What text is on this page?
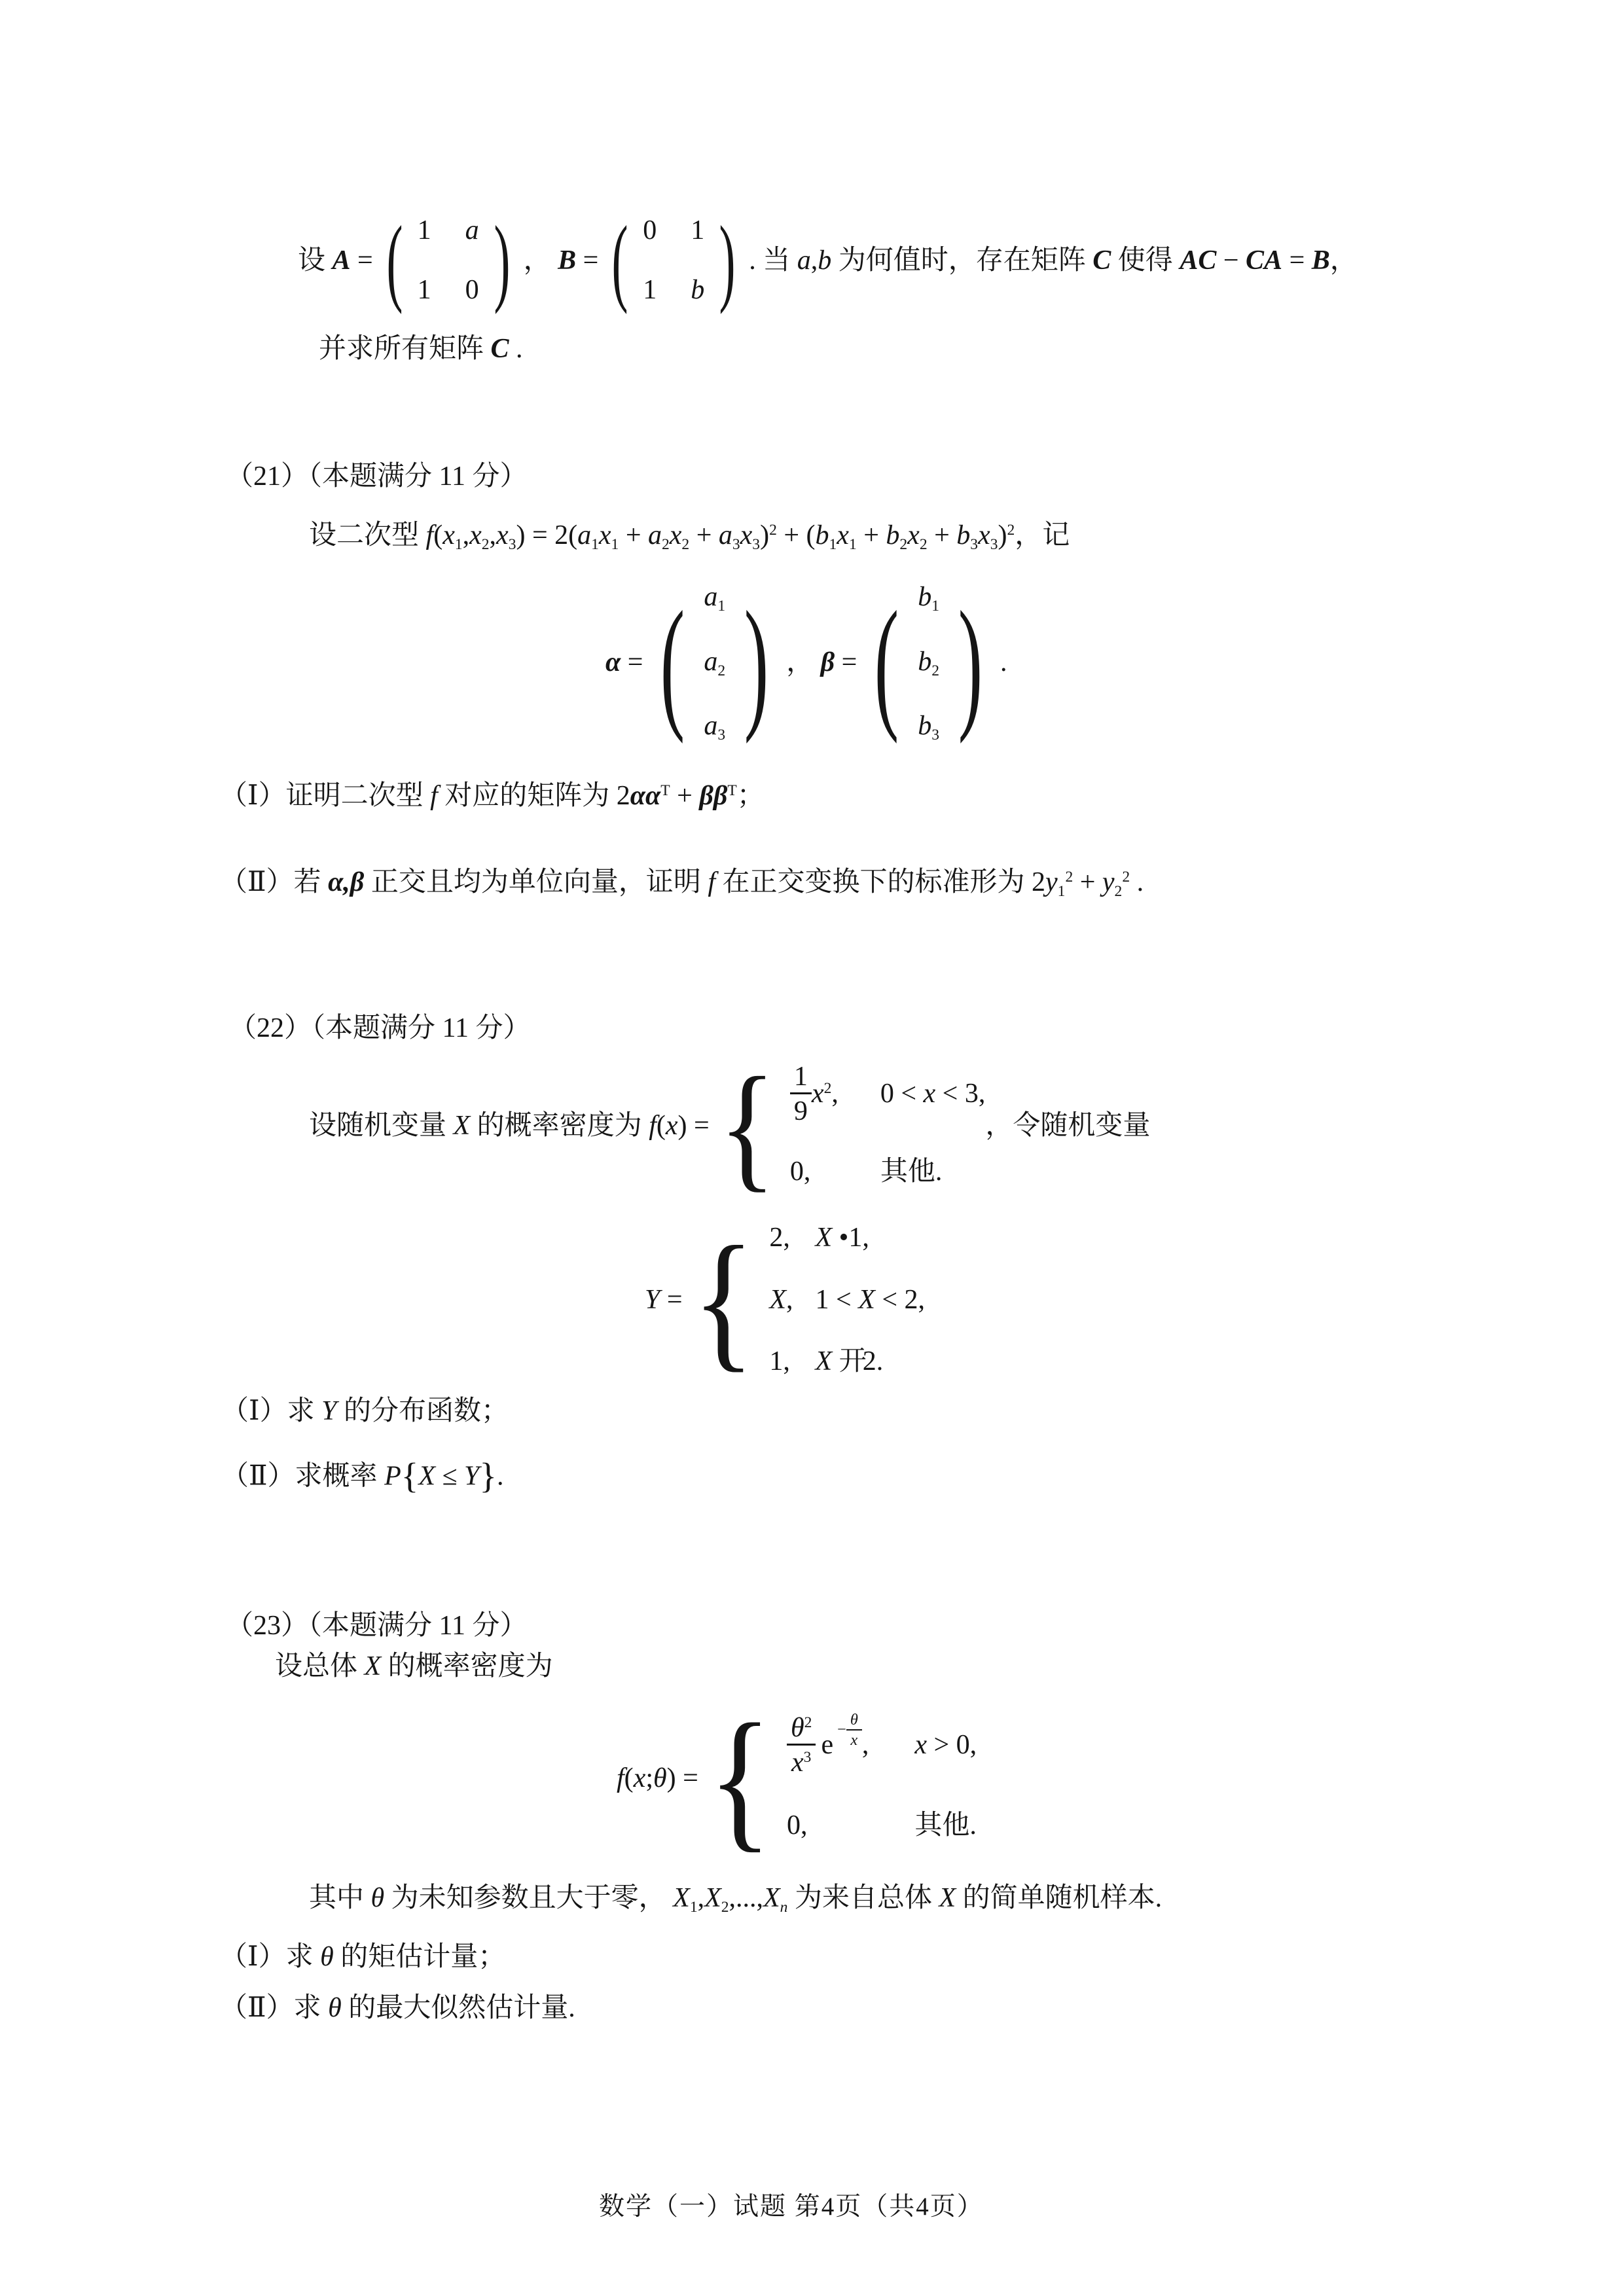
设 A = ( 1 a
1 0 ) ， B = ( 0 1
1 b ) . 当 a,b 为何值时，存在矩阵 C 使得 AC − CA = B，
并求所有矩阵 C .
（21）（本题满分 11 分）
设二次型 $f(x1,x2,x3) = 2(a1x1 + a2x2 + a3x3)^2 + (b1x1 + b2x2 + b3x3)^2$，记
α = ( a1
a2
a3 ) ， β = ( b1
b2
b3 ) .
（Ⅰ）证明二次型 f 对应的矩阵为 $2\alpha\alpha^T + \beta\beta^T$；
（Ⅱ）若 α,β 正交且均为单位向量，证明 f 在正交变换下的标准形为 $2y1^2 + y2^2$ .
（22）（本题满分 11 分）
设随机变量 X 的概率密度为 f(x) = { $\frac{1}{9} x^2$, 0 < x < 3,
0,	其他.
，令随机变量
Y = { 2, X •1,
X , 1 < X < 2,
1, X 开2.
（Ⅰ）求 Y 的分布函数；
（Ⅱ）求概率 P{X ≤ Y}.
（23）（本题满分 11 分）
设总体 X 的概率密度为
f(x;θ) = { $\frac{\theta^2}{x^3}$ e
− $\frac{\theta}{x}$ , x > 0,
0,	其他.
其中 θ 为未知参数且大于零， X1,X2,...,Xn 为来自总体 X 的简单随机样本.
（Ⅰ）求 θ 的矩估计量；
（Ⅱ）求 θ 的最大似然估计量.
数学（一）试题 第4页（共4页）
